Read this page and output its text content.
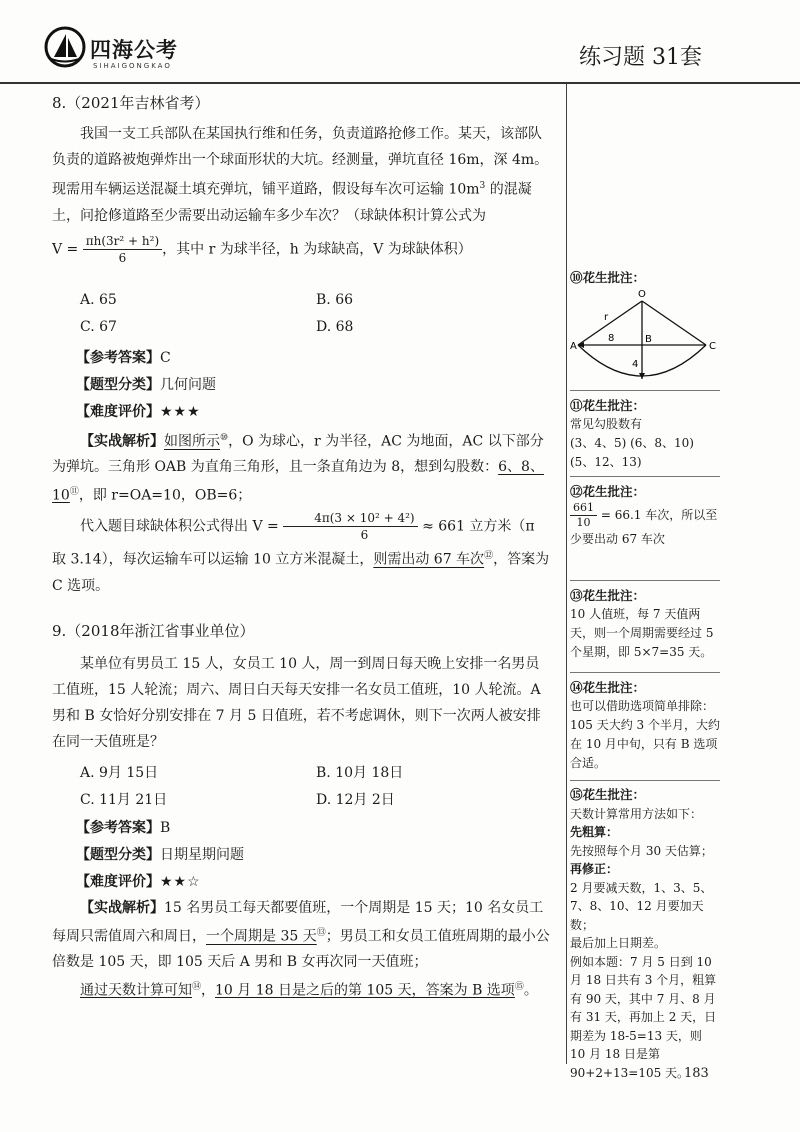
四海公考
SIHAIGONGKAO	练习题 31套

8.（2021年吉林省考）

我国一支工兵部队在某国执行维和任务，负责道路抢修工作。某天，该部队负责的道路被炮弹炸出一个球面形状的大坑。经测量，弹坑直径 16m，深 4m。现需用车辆运送混凝土填充弹坑，铺平道路，假设每车次可运输 $10m^3$ 的混凝土，问抢修道路至少需要出动运输车多少车次？（球缺体积计算公式为

$V = \frac{\text{πh(3r² + h²)}}{6}$ ，其中 r 为球半径，h 为球缺高，V 为球缺体积）

A. 65	B. 66
C. 67	D. 68

【参考答案】C

【题型分类】几何问题

【难度评价】★★★

【实战解析】如图所示⑩，O 为球心，r 为半径，AC 为地面，AC 以下部分为弹坑。三角形 OAB 为直角三角形，且一条直角边为 8，想到勾股数：6、8、10⑪，即 r=OA=10，OB=6；

代入题目球缺体积公式得出 $V = \frac{\text{4π(3 × 10² + 4²)}}{6} \approx 661$ 立方米（π 取 3.14），每次运输车可以运输 10 立方米混凝土，则需出动 67 车次⑫，答案为 C 选项。

9.（2018年浙江省事业单位）

某单位有男员工 15 人，女员工 10 人，周一到周日每天晚上安排一名男员工值班，15 人轮流；周六、周日白天每天安排一名女员工值班，10 人轮流。A 男和 B 女恰好分别安排在 7 月 5 日值班，若不考虑调休，则下一次两人被安排在同一天值班是？

A. 9月 15日	B. 10月 18日
C. 11月 21日	D. 12月 2日

【参考答案】B

【题型分类】日期星期问题

【难度评价】★★☆

【实战解析】15 名男员工每天都要值班，一个周期是 15 天；10 名女员工每周只需值周六和周日，一个周期是 35 天⑬；男员工和女员工值班周期的最小公倍数是 105 天，即 105 天后 A 男和 B 女再次同一天值班；

通过天数计算可知⑭，10 月 18 日是之后的第 105 天，答案为 B 选项⑮。

⑩花生批注：
O
A
B
C
r
8
4
⑪花生批注：
常见勾股数有
(3、4、5) (6、8、10)
(5、12、13)
⑫花生批注：
$\frac{661}{10} = 66.1$ 车次，所以至少要出动 67 车次
⑬花生批注：
10 人值班，每 7 天值两天，则一个周期需要经过 5 个星期，即 5×7=35 天。
⑭花生批注：
也可以借助选项简单排除：105 天大约 3 个半月，大约在 10 月中旬，只有 B 选项合适。
⑮花生批注：
天数计算常用方法如下：
先粗算：
先按照每个月 30 天估算；
再修正：
2 月要减天数，1、3、5、7、8、10、12 月要加天数；
最后加上日期差。
例如本题：7 月 5 日到 10 月 18 日共有 3 个月，粗算有 90 天，其中 7 月、8 月有 31 天，再加上 2 天，日期差为 18-5=13 天，则 10 月 18 日是第 90+2+13=105 天。
183
